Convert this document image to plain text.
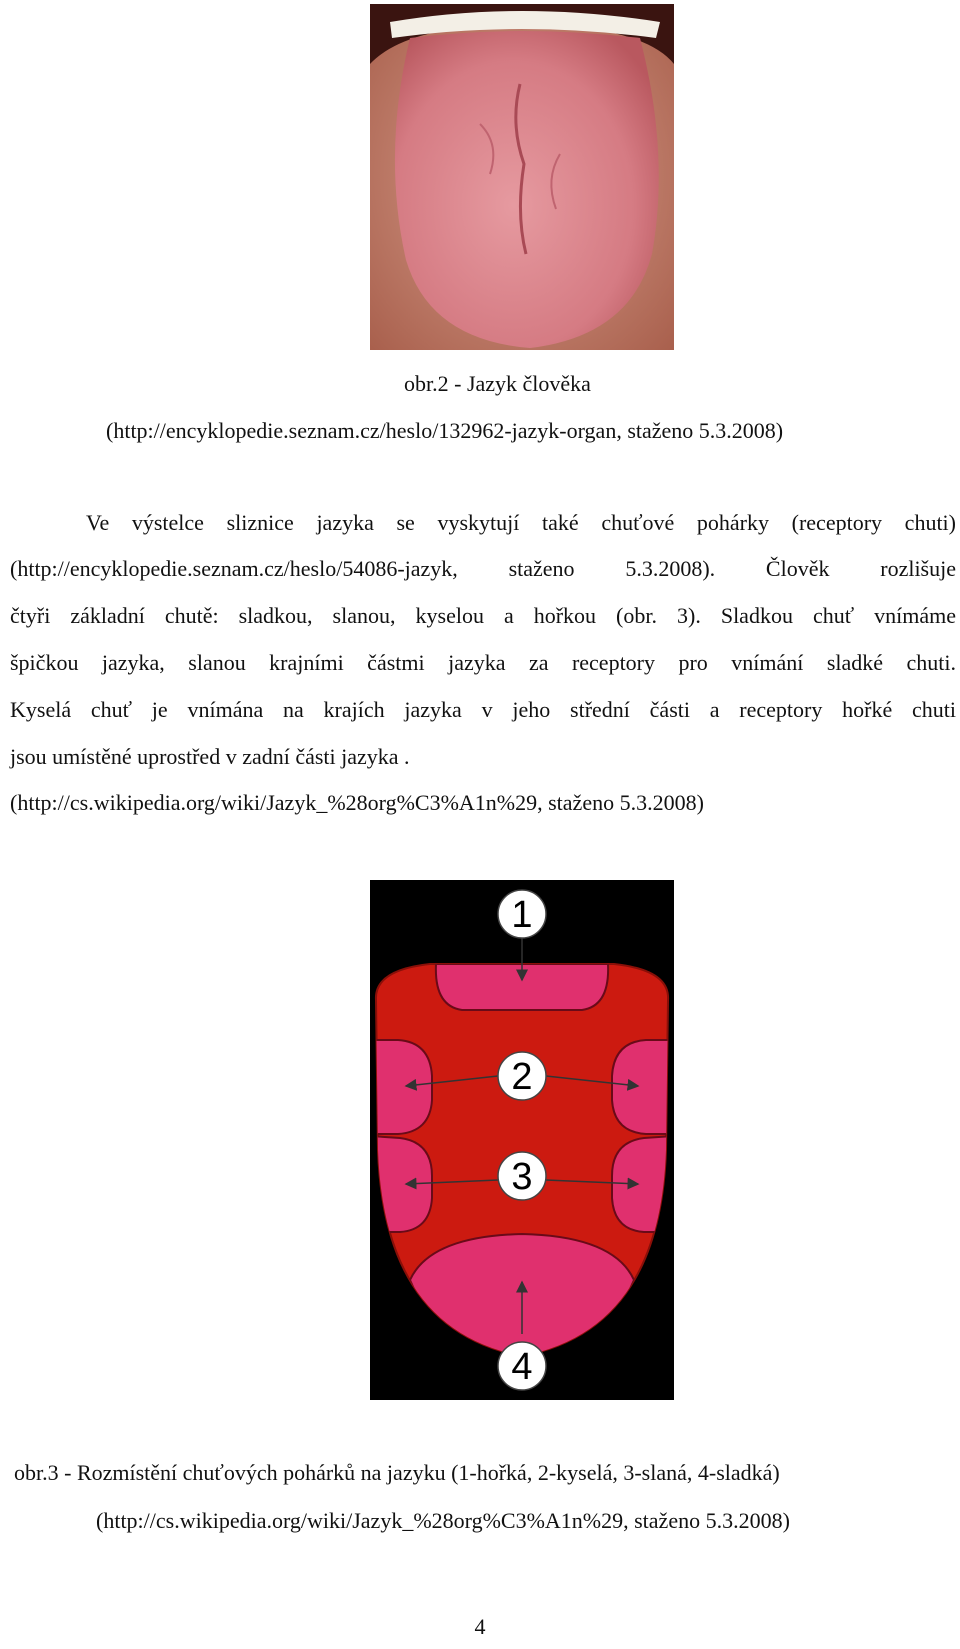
obr.2 - Jazyk člověka
(http://encyklopedie.seznam.cz/heslo/132962-jazyk-organ, staženo 5.3.2008)
Ve výstelce sliznice jazyka se vyskytují také chuťové pohárky (receptory chuti)
(http://encyklopedie.seznam.cz/heslo/54086-jazyk, staženo 5.3.2008). Člověk rozlišuje
čtyři základní chutě: sladkou, slanou, kyselou a hořkou (obr. 3). Sladkou chuť vnímáme
špičkou jazyka, slanou krajními částmi jazyka za receptory pro vnímání sladké chuti.
Kyselá chuť je vnímána na krajích jazyka v jeho střední části a receptory hořké chuti
jsou umístěné uprostřed v zadní části jazyka .
(http://cs.wikipedia.org/wiki/Jazyk_%28org%C3%A1n%29, staženo 5.3.2008)
1
2
3
4
obr.3 - Rozmístění chuťových pohárků na jazyku (1-hořká, 2-kyselá, 3-slaná, 4-sladká)
(http://cs.wikipedia.org/wiki/Jazyk_%28org%C3%A1n%29, staženo 5.3.2008)
4
